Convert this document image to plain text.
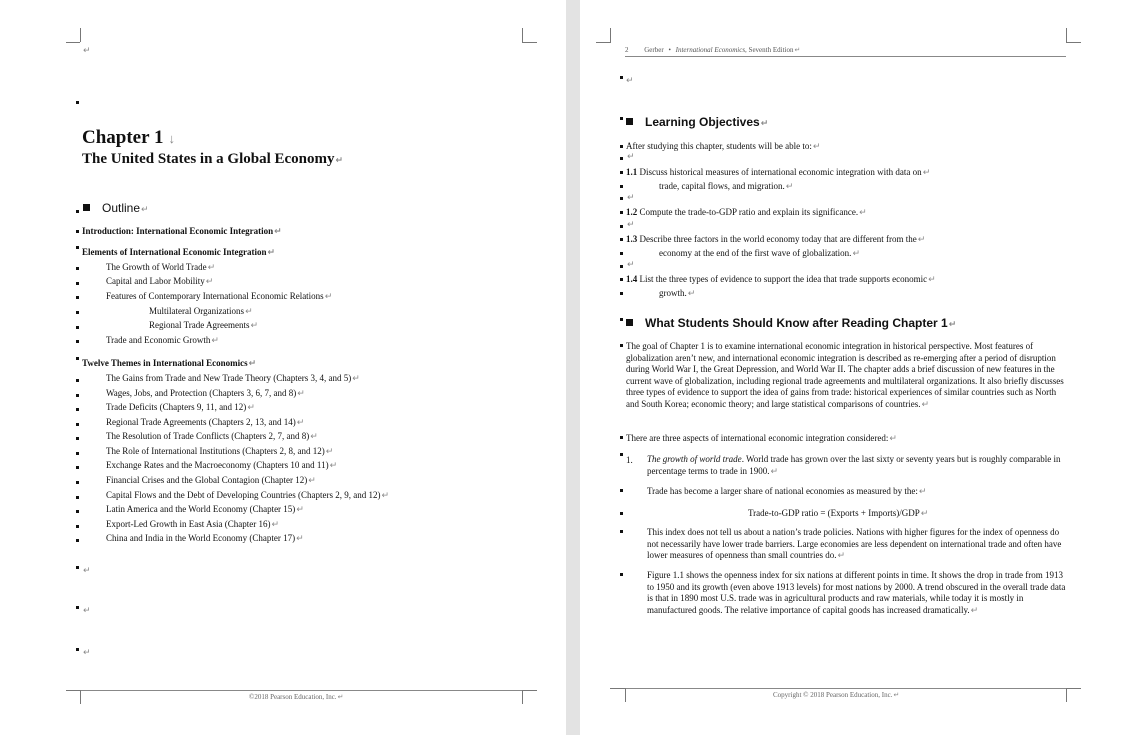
↵
Chapter 1 ↓
The United States in a Global Economy↵
Outline↵
Introduction: International Economic Integration↵
Elements of International Economic Integration↵
The Growth of World Trade↵
Capital and Labor Mobility↵
Features of Contemporary International Economic Relations↵
Multilateral Organizations↵
Regional Trade Agreements↵
Trade and Economic Growth↵
Twelve Themes in International Economics↵
The Gains from Trade and New Trade Theory (Chapters 3, 4, and 5)↵
Wages, Jobs, and Protection (Chapters 3, 6, 7, and 8)↵
Trade Deficits (Chapters 9, 11, and 12)↵
Regional Trade Agreements (Chapters 2, 13, and 14)↵
The Resolution of Trade Conflicts (Chapters 2, 7, and 8)↵
The Role of International Institutions (Chapters 2, 8, and 12)↵
Exchange Rates and the Macroeconomy (Chapters 10 and 11)↵
Financial Crises and the Global Contagion (Chapter 12)↵
Capital Flows and the Debt of Developing Countries (Chapters 2, 9, and 12)↵
Latin America and the World Economy (Chapter 15)↵
Export-Led Growth in East Asia (Chapter 16)↵
China and India in the World Economy (Chapter 17)↵
↵
↵
↵
©2018 Pearson Education, Inc.↵
2 Gerber • International Economics, Seventh Edition↵
↵
Learning Objectives↵
After studying this chapter, students will be able to:↵
↵
1.1 Discuss historical measures of international economic integration with data on↵
trade, capital flows, and migration.↵
↵
1.2 Compute the trade-to-GDP ratio and explain its significance.↵
↵
1.3 Describe three factors in the world economy today that are different from the↵
economy at the end of the first wave of globalization.↵
↵
1.4 List the three types of evidence to support the idea that trade supports economic↵
growth.↵
What Students Should Know after Reading Chapter 1↵
The goal of Chapter 1 is to examine international economic integration in historical perspective. Most features of globalization aren’t new, and international economic integration is described as re-emerging after a period of disruption during World War I, the Great Depression, and World War II. The chapter adds a brief discussion of new features in the current wave of globalization, including regional trade agreements and multilateral organizations. It also briefly discusses three types of evidence to support the idea of gains from trade: historical experiences of similar countries such as North and South Korea; economic theory; and large statistical comparisons of countries.↵
There are three aspects of international economic integration considered:↵
1. The growth of world trade. World trade has grown over the last sixty or seventy years but is roughly comparable in percentage terms to trade in 1900.↵
Trade has become a larger share of national economies as measured by the:↵
Trade-to-GDP ratio = (Exports + Imports)/GDP↵
This index does not tell us about a nation’s trade policies. Nations with higher figures for the index of openness do not necessarily have lower trade barriers. Large economies are less dependent on international trade and often have lower measures of openness than small countries do.↵
Figure 1.1 shows the openness index for six nations at different points in time. It shows the drop in trade from 1913 to 1950 and its growth (even above 1913 levels) for most nations by 2000. A trend obscured in the overall trade data is that in 1890 most U.S. trade was in agricultural products and raw materials, while today it is mostly in manufactured goods. The relative importance of capital goods has increased dramatically.↵
Copyright © 2018 Pearson Education, Inc.↵
